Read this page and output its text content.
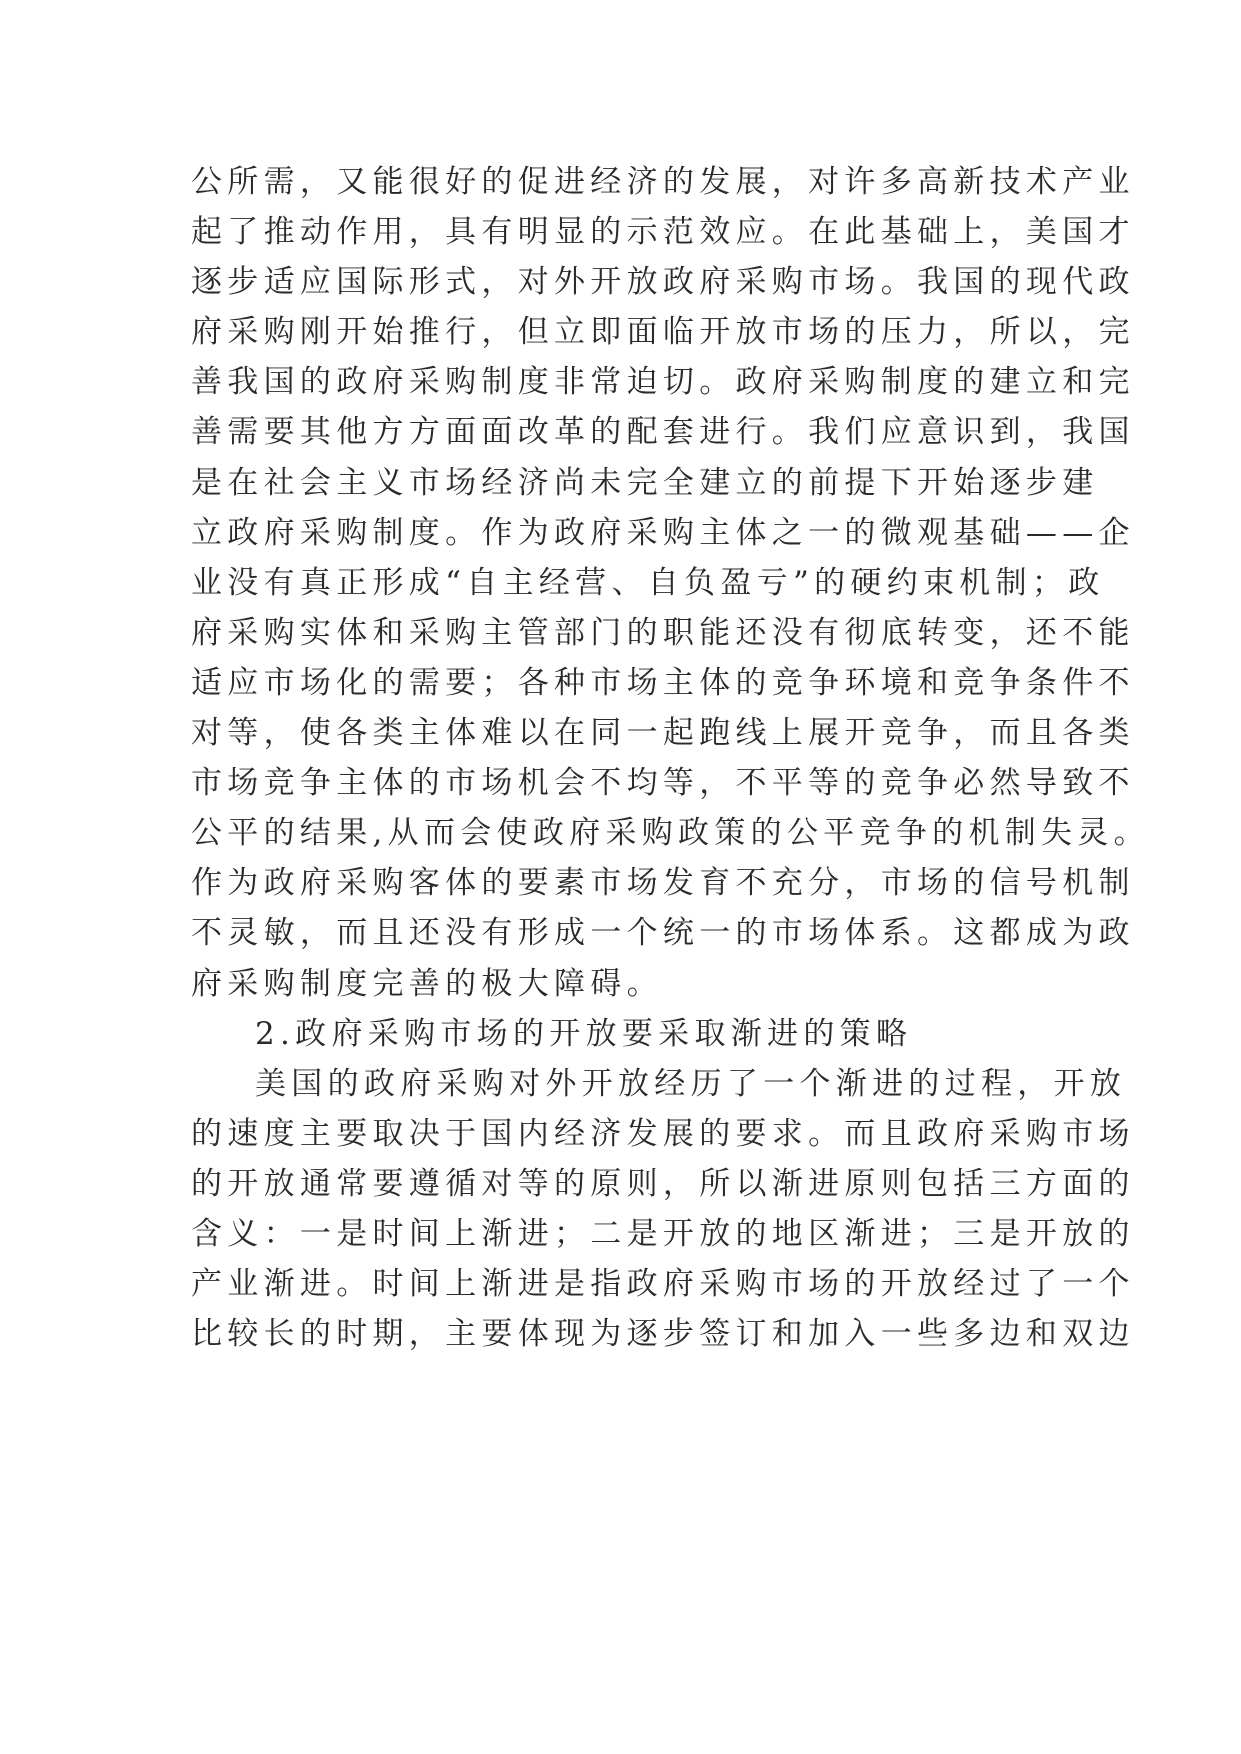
公所需，又能很好的促进经济的发展，对许多高新技术产业
起了推动作用，具有明显的示范效应。在此基础上，美国才
逐步适应国际形式，对外开放政府采购市场。我国的现代政
府采购刚开始推行，但立即面临开放市场的压力，所以，完
善我国的政府采购制度非常迫切。政府采购制度的建立和完
善需要其他方方面面改革的配套进行。我们应意识到，我国
是在社会主义市场经济尚未完全建立的前提下开始逐步建
立政府采购制度。作为政府采购主体之一的微观基础——企
业没有真正形成“自主经营、自负盈亏”的硬约束机制；政
府采购实体和采购主管部门的职能还没有彻底转变，还不能
适应市场化的需要；各种市场主体的竞争环境和竞争条件不
对等，使各类主体难以在同一起跑线上展开竞争，而且各类
市场竞争主体的市场机会不均等，不平等的竞争必然导致不
公平的结果,从而会使政府采购政策的公平竞争的机制失灵。
作为政府采购客体的要素市场发育不充分，市场的信号机制
不灵敏，而且还没有形成一个统一的市场体系。这都成为政
府采购制度完善的极大障碍。
2.政府采购市场的开放要采取渐进的策略
美国的政府采购对外开放经历了一个渐进的过程，开放
的速度主要取决于国内经济发展的要求。而且政府采购市场
的开放通常要遵循对等的原则，所以渐进原则包括三方面的
含义：一是时间上渐进；二是开放的地区渐进；三是开放的
产业渐进。时间上渐进是指政府采购市场的开放经过了一个
比较长的时期，主要体现为逐步签订和加入一些多边和双边
